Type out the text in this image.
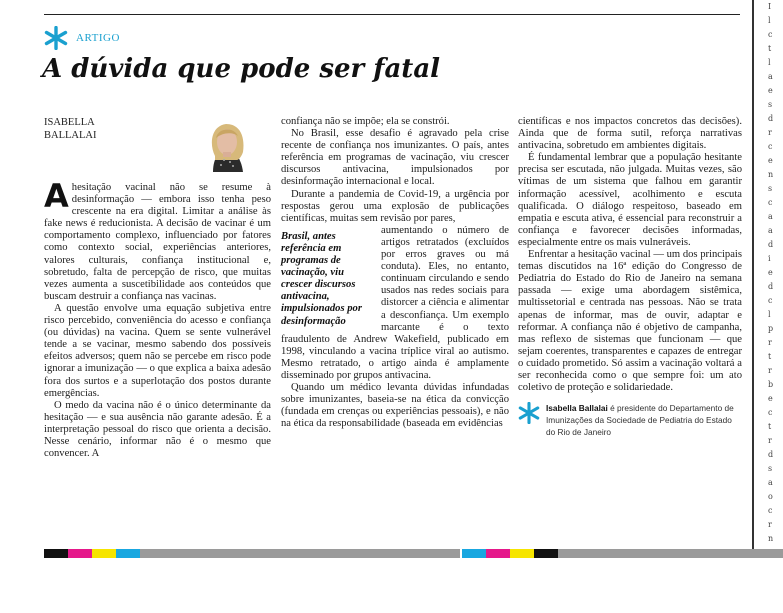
I
l
c
t
l
a
e
s
d
r
c
e
n
s
c
a
a
d
i
e
d
c
l
p
r
t
r
b
e
c
t
r
d
s
a
o
c
r
n
ARTIGO
A dúvida que pode ser fatal
ISABELLA
BALLALAI

Ahesitação vacinal não se resume à desinformação — embora isso tenha peso crescente na era digital. Limitar a análise às fake news é reducionista. A decisão de vacinar é um comportamento complexo, influenciado por fatores como contexto social, experiências anteriores, valores culturais, confiança institucional e, sobretudo, falta de percepção de risco, que muitas vezes aumenta a suscetibilidade aos conteúdos que buscam destruir a confiança nas vacinas.

A questão envolve uma equação subjetiva entre risco percebido, conveniência do acesso e confiança (ou dúvidas) na vacina. Quem se sente vulnerável tende a se vacinar, mesmo sabendo dos possíveis efeitos adversos; quem não se percebe em risco pode ignorar a imunização — o que explica a baixa adesão fora dos surtos e a superlotação dos postos durante emergências.

O medo da vacina não é o único determinante da hesitação — e sua ausência não garante adesão. É a interpretação pessoal do risco que orienta a decisão. Nesse cenário, informar não é o mesmo que convencer. A

confiança não se impõe; ela se constrói.

No Brasil, esse desafio é agravado pela crise recente de confiança nos imunizantes. O país, antes referência em programas de vacinação, viu crescer discursos antivacina, impulsionados por desinformação internacional e local.

Durante a pandemia de Covid-19, a urgência por respostas gerou uma explosão de publicações científicas, muitas sem revisão por pares,

Brasil, antes referência em programas de vacinação, viu crescer discursos antivacina, impulsionados por desinformação

aumentando o número de artigos retratados (excluídos por erros graves ou má conduta). Eles, no entanto, continuam circulando e sendo usados nas redes sociais para distorcer a ciência e alimentar a desconfiança. Um exemplo marcante é o texto fraudulento de Andrew Wakefield, publicado em 1998, vinculando a vacina tríplice viral ao autismo. Mesmo retratado, o artigo ainda é amplamente disseminado por grupos antivacina.

Quando um médico levanta dúvidas infundadas sobre imunizantes, baseia-se na ética da convicção (fundada em crenças ou experiências pessoais), e não na ética da responsabilidade (baseada em evidências

científicas e nos impactos concretos das decisões). Ainda que de forma sutil, reforça narrativas antivacina, sobretudo em ambientes digitais.

É fundamental lembrar que a população hesitante precisa ser escutada, não julgada. Muitas vezes, são vítimas de um sistema que falhou em garantir informação acessível, acolhimento e escuta qualificada. O diálogo respeitoso, baseado em empatia e escuta ativa, é essencial para reconstruir a confiança e favorecer decisões informadas, especialmente entre os mais vulneráveis.

Enfrentar a hesitação vacinal — um dos principais temas discutidos na 16ª edição do Congresso de Pediatria do Estado do Rio de Janeiro na semana passada — exige uma abordagem sistêmica, multissetorial e centrada nas pessoas. Não se trata apenas de informar, mas de ouvir, adaptar e reformar. A confiança não é objetivo de campanha, mas reflexo de sistemas que funcionam — que sejam coerentes, transparentes e capazes de entregar o cuidado prometido. Só assim a vacinação voltará a ser reconhecida como o que sempre foi: um ato coletivo de proteção e solidariedade.

Isabella Ballalai é presidente do Departamento de Imunizações da Sociedade de Pediatria do Estado do Rio de Janeiro
